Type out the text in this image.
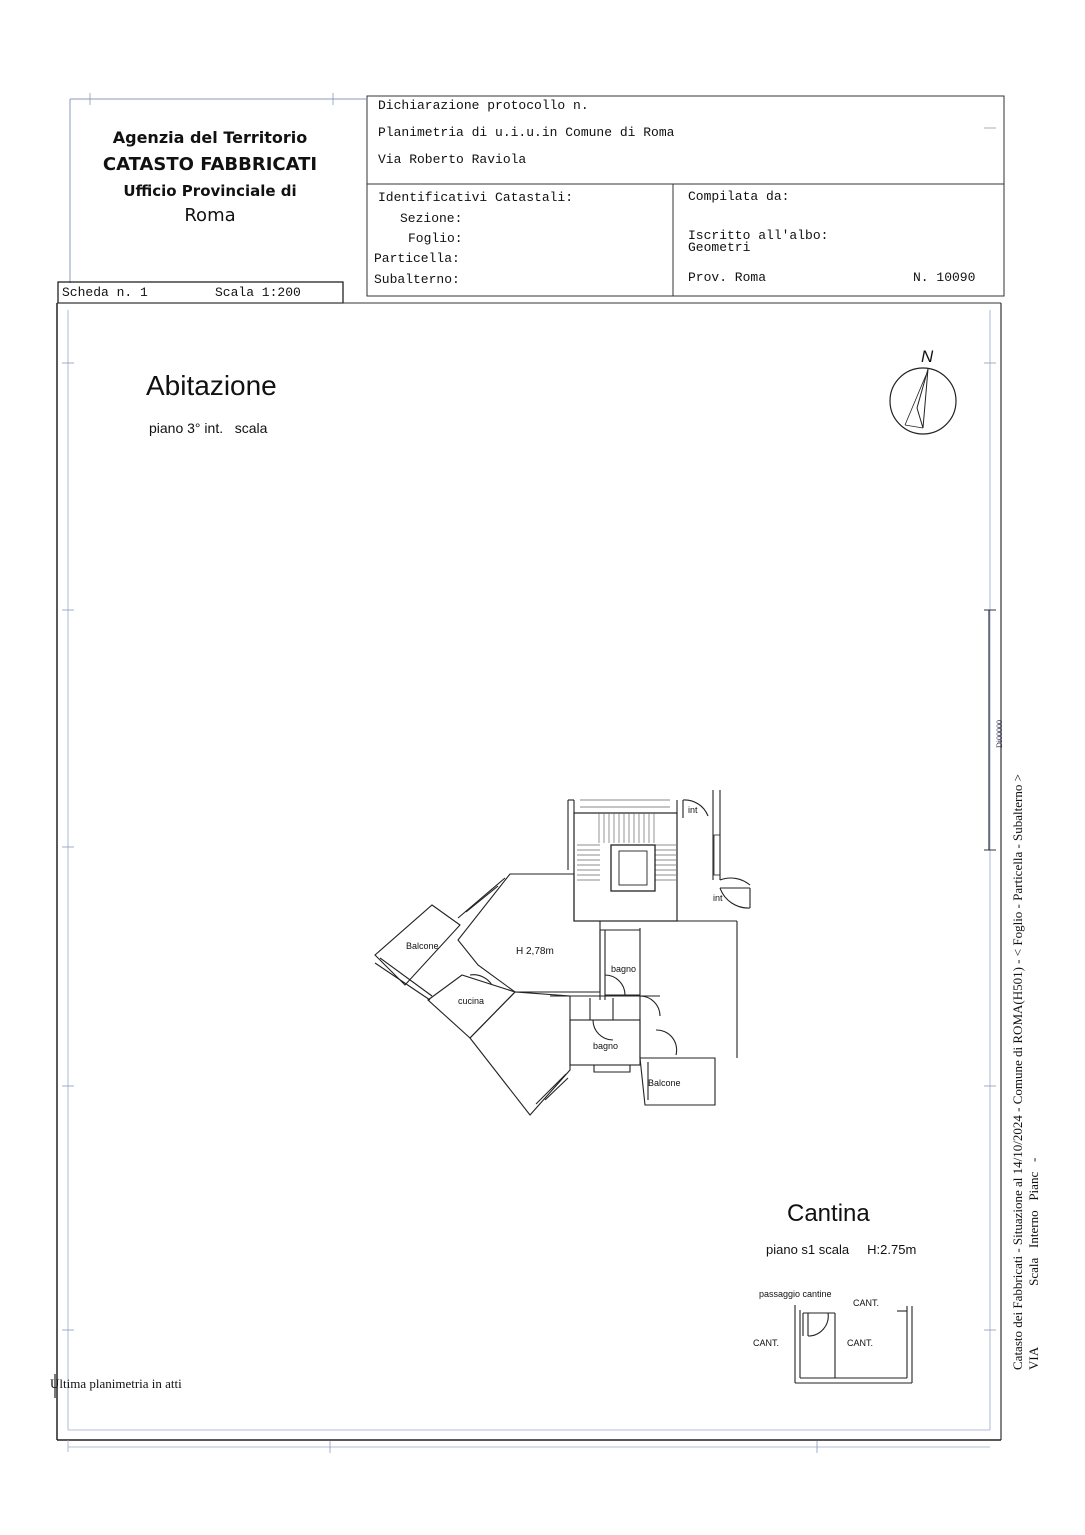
Agenzia del Territorio
CATASTO FABBRICATI
Ufficio Provinciale di
Roma
Dichiarazione protocollo n.
Planimetria di u.i.u.in Comune di Roma
Via Roberto Raviola
Identificativi Catastali:
Sezione:
Foglio:
Particella:
Subalterno:
Compilata da:
Iscritto all'albo:
Geometri
Prov. Roma	N. 10090
Scheda n. 1	Scala 1:200
Abitazione
piano 3° int.   scala
N
int
int
Balcone	H 2,78m
bagno
cucina
bagno
Balcone
Cantina
piano s1 scala     H:2.75m
passaggio cantine
CANT.
CANT.	CANT.
Ultima planimetria in atti
Catasto dei Fabbricati - Situazione al 14/10/2024 - Comune di ROMA(H501) - < Foglio - Particella - Subalterno > VIA                   Scala   Interno   Pianc   -
Di00000
